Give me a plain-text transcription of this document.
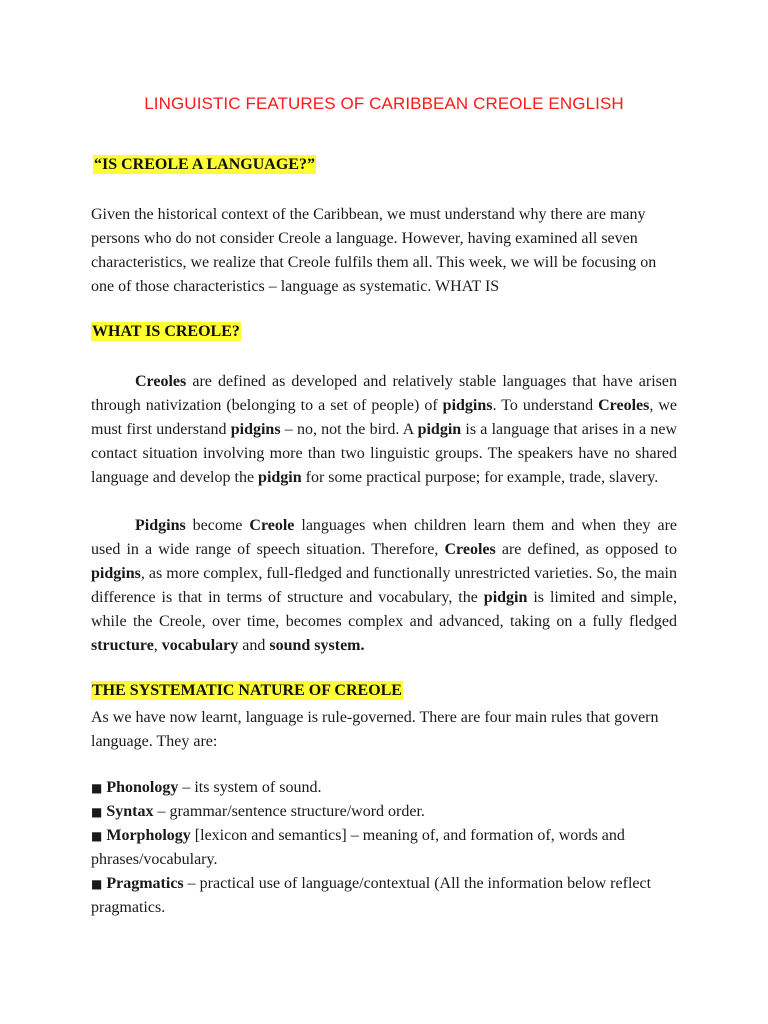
LINGUISTIC FEATURES OF CARIBBEAN CREOLE ENGLISH
“IS CREOLE A LANGUAGE?”

Given the historical context of the Caribbean, we must understand why there are many persons who do not consider Creole a language. However, having examined all seven characteristics, we realize that Creole fulfils them all. This week, we will be focusing on one of those characteristics – language as systematic. WHAT IS

WHAT IS CREOLE?

Creoles are defined as developed and relatively stable languages that have arisen through nativization (belonging to a set of people) of pidgins. To understand Creoles, we must first understand pidgins – no, not the bird. A pidgin is a language that arises in a new contact situation involving more than two linguistic groups. The speakers have no shared language and develop the pidgin for some practical purpose; for example, trade, slavery.

Pidgins become Creole languages when children learn them and when they are used in a wide range of speech situation. Therefore, Creoles are defined, as opposed to pidgins, as more complex, full-fledged and functionally unrestricted varieties. So, the main difference is that in terms of structure and vocabulary, the pidgin is limited and simple, while the Creole, over time, becomes complex and advanced, taking on a fully fledged structure, vocabulary and sound system.

THE SYSTEMATIC NATURE OF CREOLE

As we have now learnt, language is rule-governed. There are four main rules that govern language. They are:

■ Phonology – its system of sound.
■ Syntax – grammar/sentence structure/word order.
■ Morphology [lexicon and semantics] – meaning of, and formation of, words and phrases/vocabulary.
■ Pragmatics – practical use of language/contextual (All the information below reflect pragmatics.
